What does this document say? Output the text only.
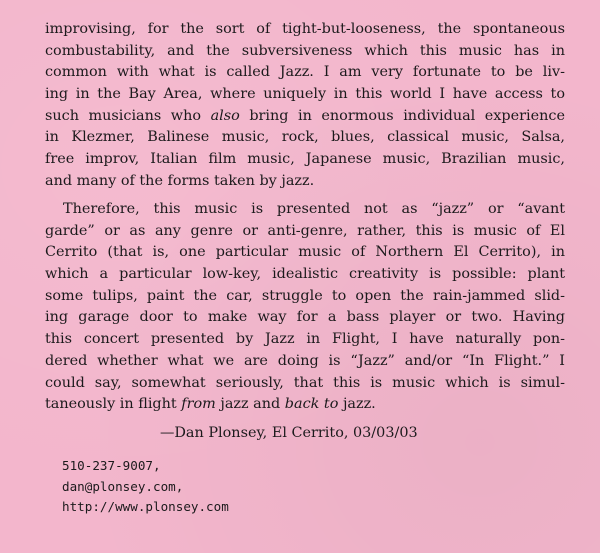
improvising, for the sort of tight-but-looseness, the spontaneous
combustability, and the subversiveness which this music has in
common with what is called Jazz. I am very fortunate to be liv-
ing in the Bay Area, where uniquely in this world I have access to
such musicians who also bring in enormous individual experience
in Klezmer, Balinese music, rock, blues, classical music, Salsa,
free improv, Italian film music, Japanese music, Brazilian music,
and many of the forms taken by jazz.
Therefore, this music is presented not as “jazz” or “avant
garde” or as any genre or anti-genre, rather, this is music of El
Cerrito (that is, one particular music of Northern El Cerrito), in
which a particular low-key, idealistic creativity is possible: plant
some tulips, paint the car, struggle to open the rain-jammed slid-
ing garage door to make way for a bass player or two. Having
this concert presented by Jazz in Flight, I have naturally pon-
dered whether what we are doing is “Jazz” and/or “In Flight.” I
could say, somewhat seriously, that this is music which is simul-
taneously in flight from jazz and back to jazz.

—Dan Plonsey, El Cerrito, 03/03/03

510-237-9007,
dan@plonsey.com,
http://www.plonsey.com
